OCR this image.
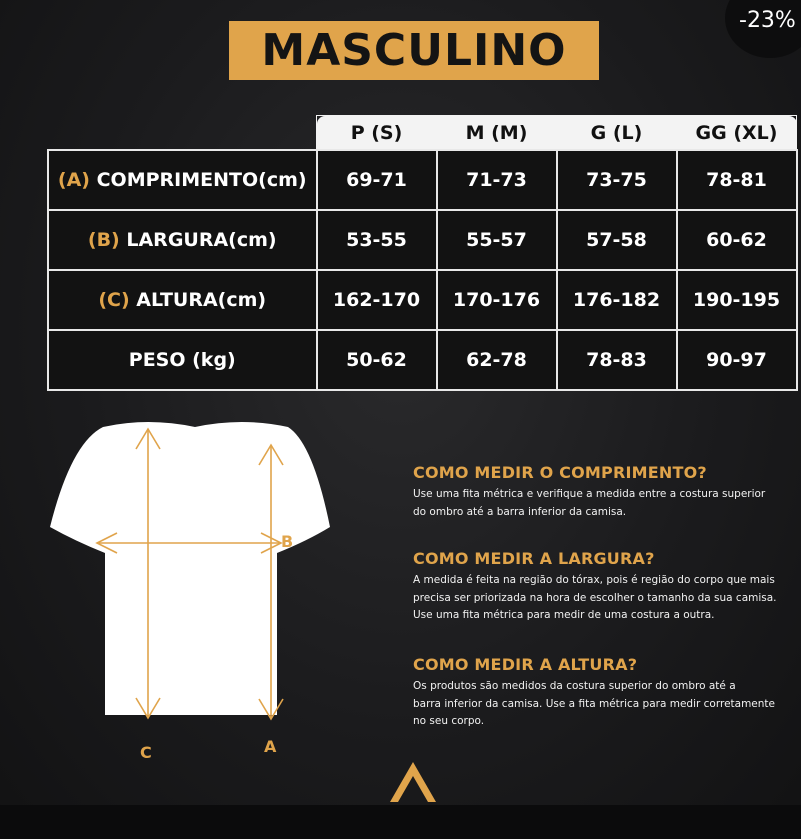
-23%
MASCULINO
	P (S)	M (M)	G (L)	GG (XL)
(A) COMPRIMENTO(cm)	69-71	71-73	73-75	78-81
(B) LARGURA(cm)	53-55	55-57	57-58	60-62
(C) ALTURA(cm)	162-170	170-176	176-182	190-195
PESO (kg)	50-62	62-78	78-83	90-97
B
C	A
COMO MEDIR O COMPRIMENTO?

Use uma fita métrica e verifique a medida entre a costura superior
do ombro até a barra inferior da camisa.

COMO MEDIR A LARGURA?

A medida é feita na região do tórax, pois é região do corpo que mais
precisa ser priorizada na hora de escolher o tamanho da sua camisa.
Use uma fita métrica para medir de uma costura a outra.

COMO MEDIR A ALTURA?

Os produtos são medidos da costura superior do ombro até a
barra inferior da camisa. Use a fita métrica para medir corretamente
no seu corpo.
